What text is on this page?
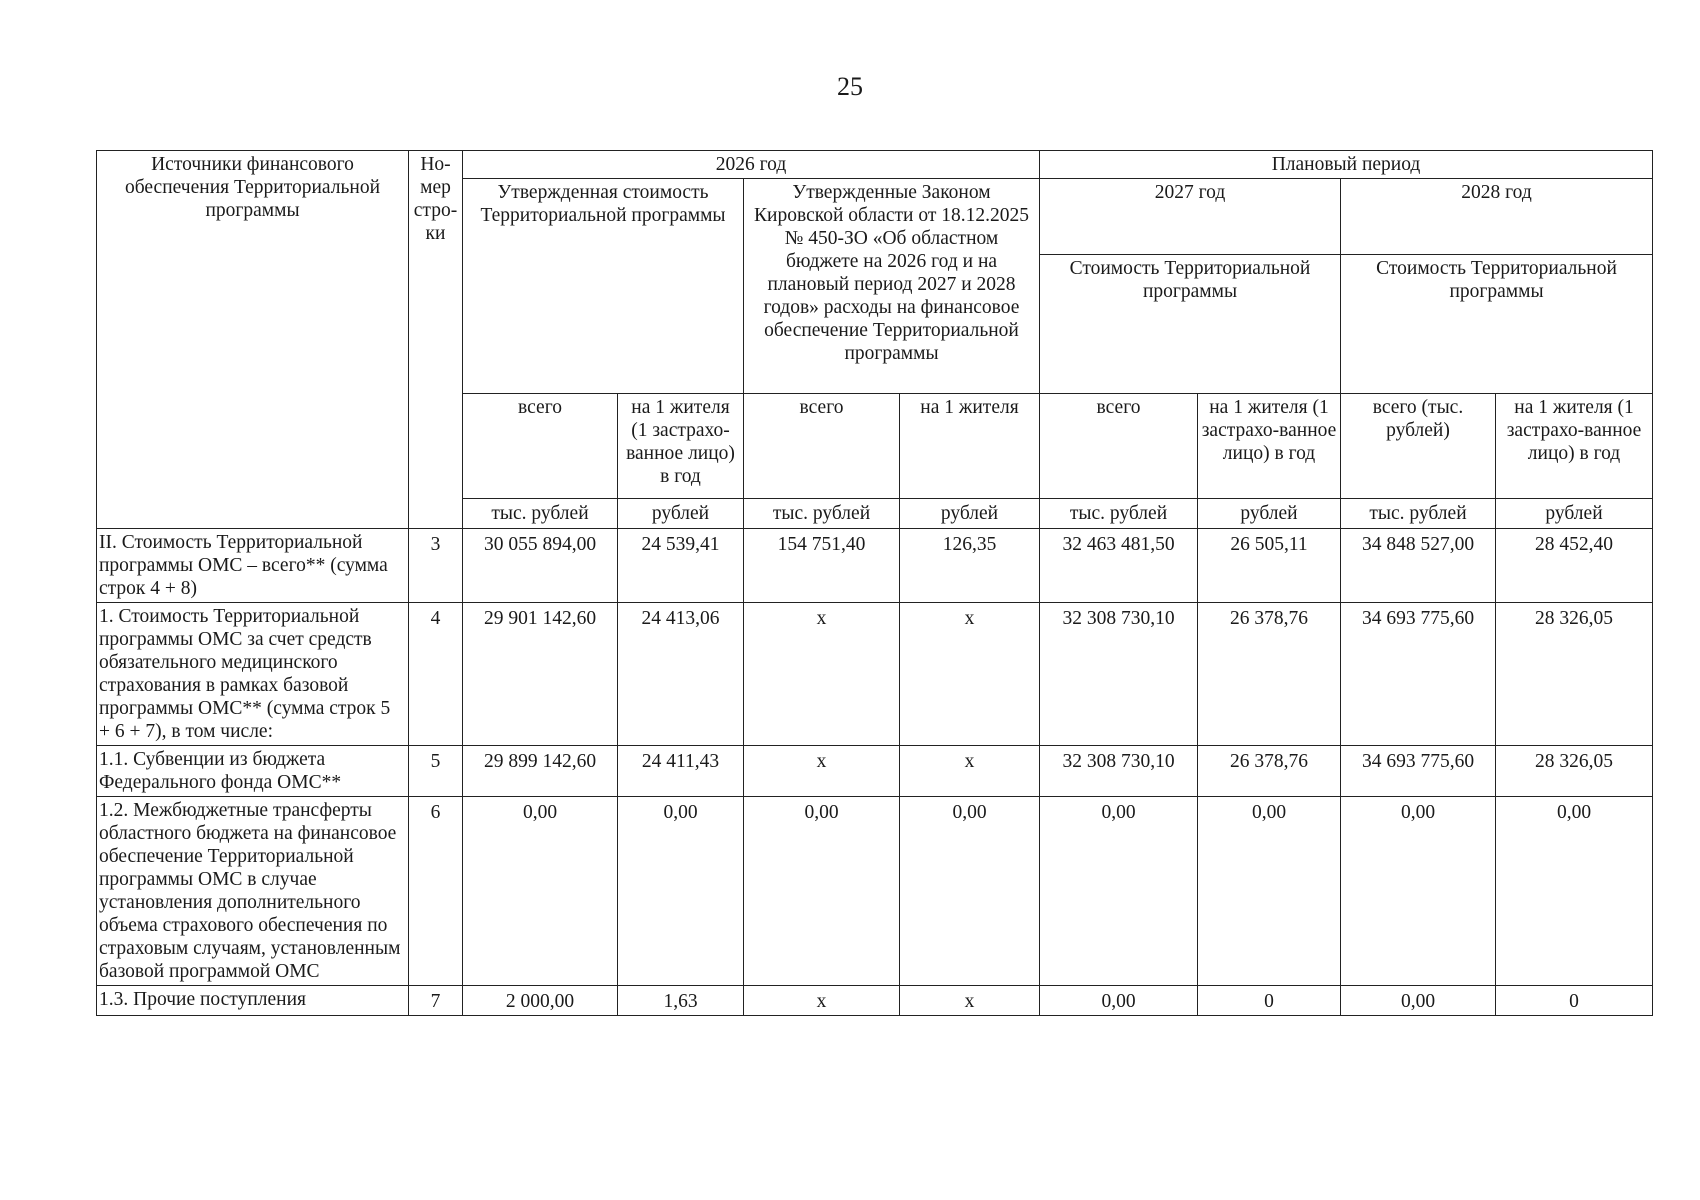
25
Источники финансового обеспечения Территориальной программы	Но-мер стро-ки	2026 год				Плановый период			
		Утвержденная стоимость Территориальной программы		Утвержденные Законом Кировской области от 18.12.2025 № 450-ЗО «Об областном бюджете на 2026 год и на плановый период 2027 и 2028 годов» расходы на финансовое обеспечение Территориальной программы		2027 год		2028 год	
						Стоимость Территориальной программы		Стоимость Территориальной программы	
		всего	на 1 жителя (1 застрахо-ванное лицо) в год	всего	на 1 жителя	всего	на 1 жителя (1 застрахо-ванное лицо) в год	всего (тыс. рублей)	на 1 жителя (1 застрахо-ванное лицо) в год
		тыс. рублей	рублей	тыс. рублей	рублей	тыс. рублей	рублей	тыс. рублей	рублей
II. Стоимость Территориальной программы ОМС – всего** (сумма строк 4 + 8)	3	30 055 894,00	24 539,41	154 751,40	126,35	32 463 481,50	26 505,11	34 848 527,00	28 452,40
1. Стоимость Территориальной программы ОМС за счет средств обязательного медицинского страхования в рамках базовой программы ОМС** (сумма строк 5 + 6 + 7), в том числе:	4	29 901 142,60	24 413,06	х	х	32 308 730,10	26 378,76	34 693 775,60	28 326,05
1.1. Субвенции из бюджета Федерального фонда ОМС**	5	29 899 142,60	24 411,43	х	х	32 308 730,10	26 378,76	34 693 775,60	28 326,05
1.2. Межбюджетные трансферты областного бюджета на финансовое обеспечение Территориальной программы ОМС в случае установления дополнительного объема страхового обеспечения по страховым случаям, установленным базовой программой ОМС	6	0,00	0,00	0,00	0,00	0,00	0,00	0,00	0,00
1.3. Прочие поступления	7	2 000,00	1,63	х	х	0,00	0	0,00	0
